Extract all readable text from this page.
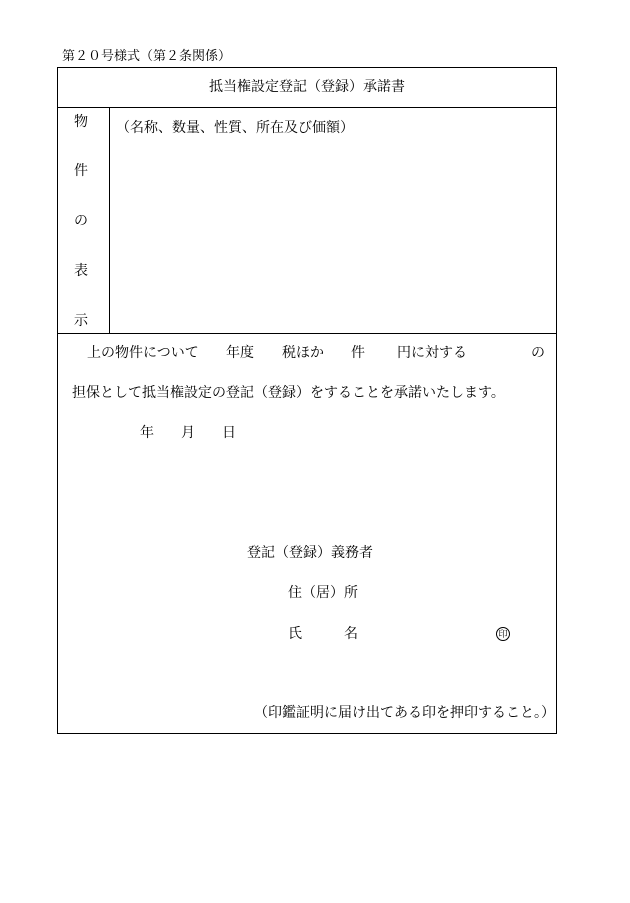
第２０号様式（第２条関係）
抵当権設定登記（登録）承諾書
物
件
の
表
示
（名称、数量、性質、所在及び価額）
上の物件について 年度 税ほか 件 円に対する	の
担保として抵当権設定の登記（登録）をすることを承諾いたします。
年 月 日
登記（登録）義務者
住（居）所
氏	名	印
（印鑑証明に届け出てある印を押印すること。）
